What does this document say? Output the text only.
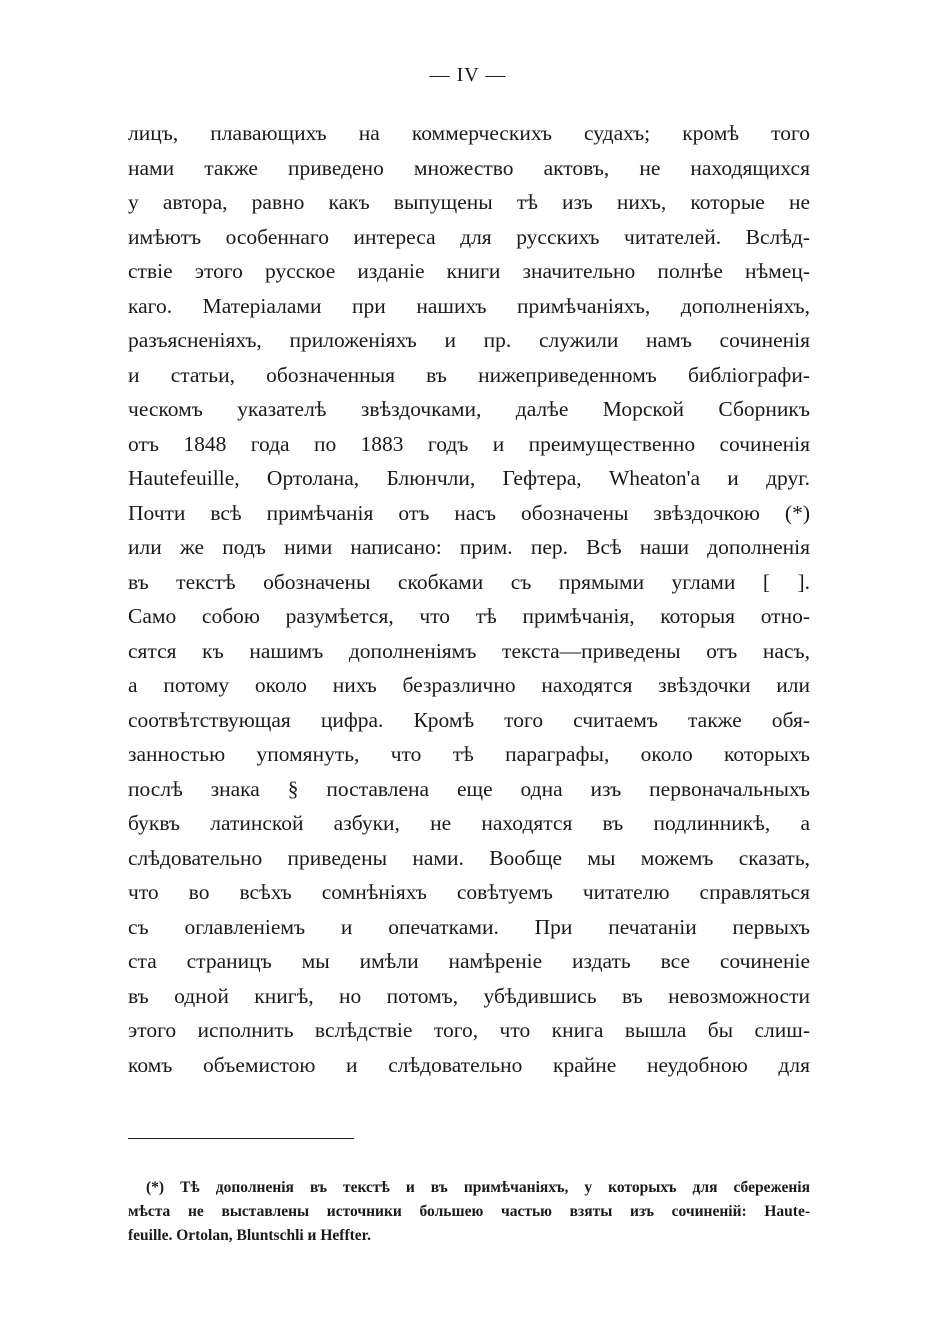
— IV —
лицъ, плавающихъ на коммерческихъ судахъ; кромѣ того
нами также приведено множество актовъ, не находящихся
у автора, равно какъ выпущены тѣ изъ нихъ, которые не
имѣютъ особеннаго интереса для русскихъ читателей. Вслѣд-
ствіе этого русское изданіе книги значительно полнѣе нѣмец-
каго. Матеріалами при нашихъ примѣчаніяхъ, дополненіяхъ,
разъясненіяхъ, приложеніяхъ и пр. служили намъ сочиненія
и статьи, обозначенныя въ нижеприведенномъ библіографи-
ческомъ указателѣ звѣздочками, далѣе Морской Сборникъ
отъ 1848 года по 1883 годъ и преимущественно сочиненія
Hautefeuille, Ортолана, Блюнчли, Гефтера, Wheaton'a и друг.
Почти всѣ примѣчанія отъ насъ обозначены звѣздочкою (*)
или же подъ ними написано: прим. пер. Всѣ наши дополненія
въ текстѣ обозначены скобками съ прямыми углами [ ].
Само собою разумѣется, что тѣ примѣчанія, которыя отно-
сятся къ нашимъ дополненіямъ текста—приведены отъ насъ,
а потому около нихъ безразлично находятся звѣздочки или
соотвѣтствующая цифра. Кромѣ того считаемъ также обя-
занностью упомянуть, что тѣ параграфы, около которыхъ
послѣ знака § поставлена еще одна изъ первоначальныхъ
буквъ латинской азбуки, не находятся въ подлинникѣ, а
слѣдовательно приведены нами. Вообще мы можемъ сказать,
что во всѣхъ сомнѣніяхъ совѣтуемъ читателю справляться
съ оглавленіемъ и опечатками. При печатаніи первыхъ
ста страницъ мы имѣли намѣреніе издать все сочиненіе
въ одной книгѣ, но потомъ, убѣдившись въ невозможности
этого исполнить вслѣдствіе того, что книга вышла бы слиш-
комъ объемистою и слѣдовательно крайне неудобною для
(*) Тѣ дополненія въ текстѣ и въ примѣчаніяхъ, у которыхъ для сбереженія
мѣста не выставлены источники большею частью взяты изъ сочиненій: Haute-
feuille. Ortolan, Bluntschli и Heffter.
